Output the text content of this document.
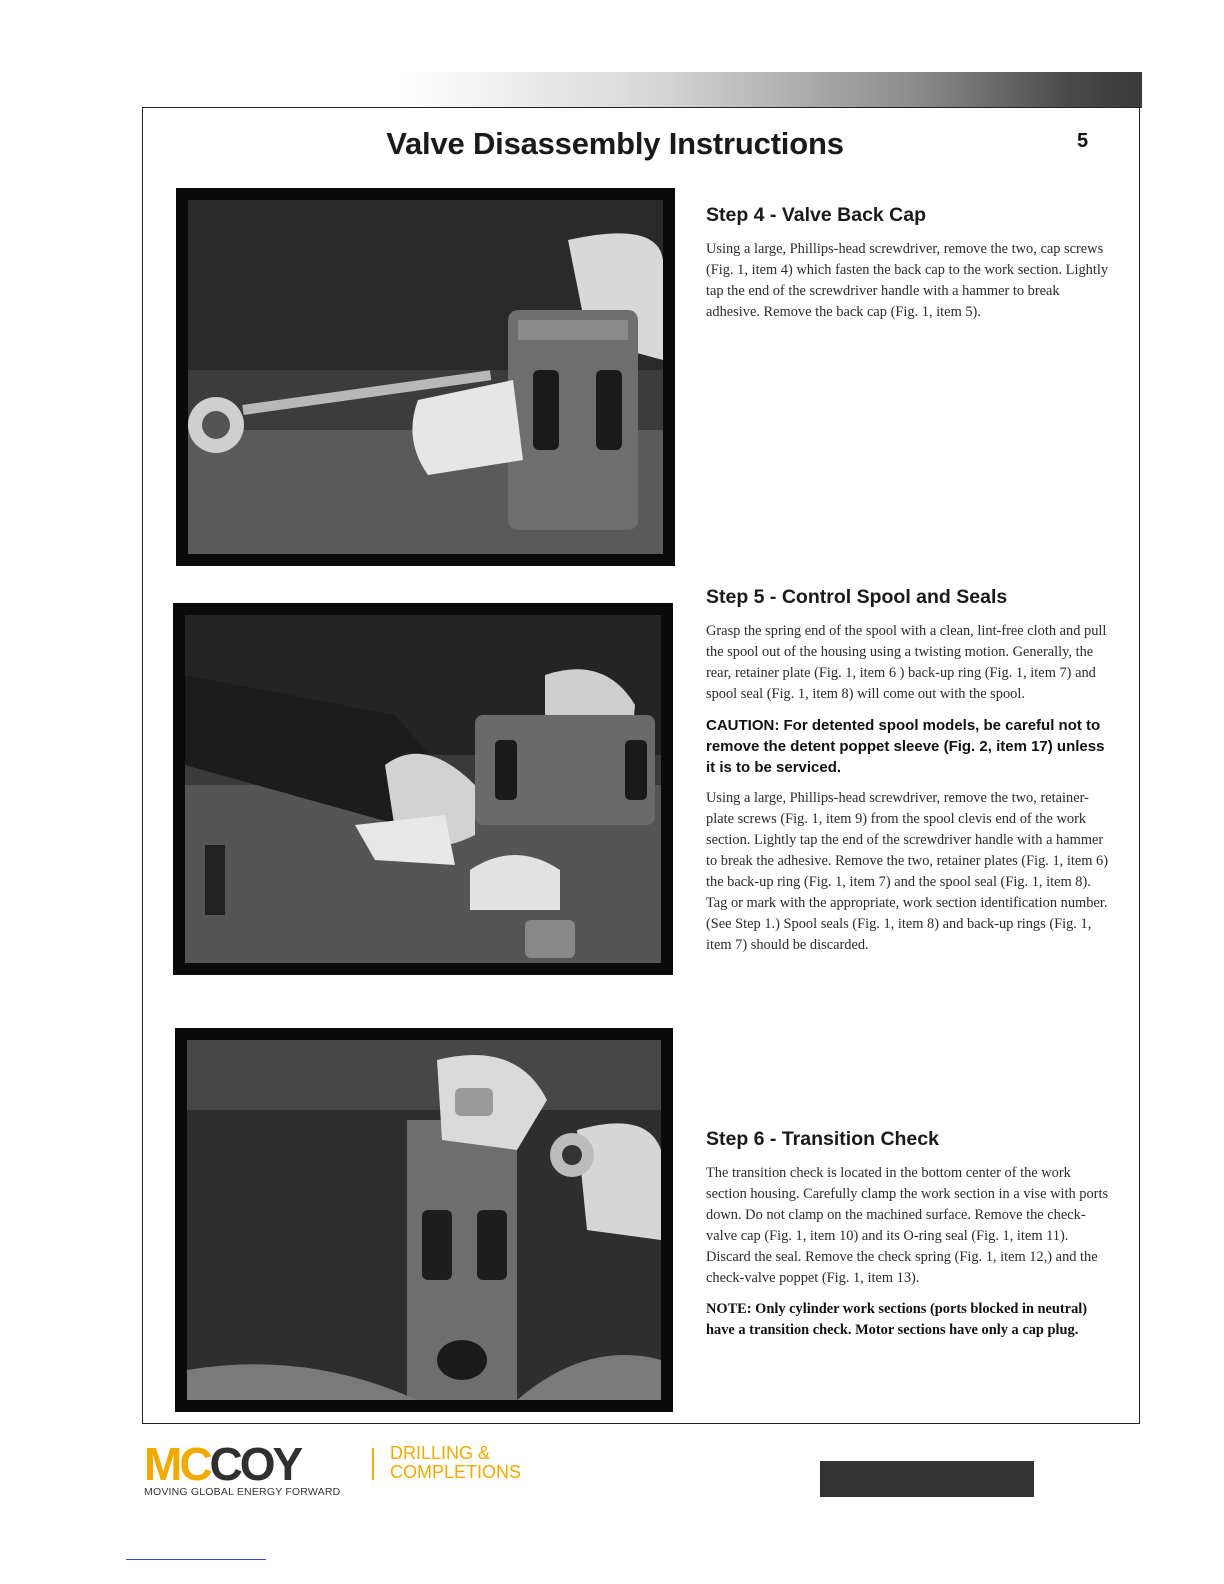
Valve Disassembly Instructions	5
Step 4 - Valve Back Cap

Using a large, Phillips-head screwdriver, remove the two, cap screws (Fig. 1, item 4) which fasten the back cap to the work section. Lightly tap the end of the screwdriver handle with a hammer to break adhesive. Remove the back cap (Fig. 1, item 5).

Step 5 - Control Spool and Seals

Grasp the spring end of the spool with a clean, lint-free cloth and pull the spool out of the housing using a twisting motion. Generally, the rear, retainer plate (Fig. 1, item 6 ) back-up ring (Fig. 1, item 7) and spool seal (Fig. 1, item 8) will come out with the spool.

CAUTION: For detented spool models, be careful not to remove the detent poppet sleeve (Fig. 2, item 17) unless it is to be serviced.

Using a large, Phillips-head screwdriver, remove the two, retainer-plate screws (Fig. 1, item 9) from the spool clevis end of the work section. Lightly tap the end of the screwdriver handle with a hammer to break the adhesive. Remove the two, retainer plates (Fig. 1, item 6) the back-up ring (Fig. 1, item 7) and the spool seal (Fig. 1, item 8). Tag or mark with the appropriate, work section identification number. (See Step 1.) Spool seals (Fig. 1, item 8) and back-up rings (Fig. 1, item 7) should be discarded.

Step 6 - Transition Check

The transition check is located in the bottom center of the work section housing. Carefully clamp the work section in a vise with ports down. Do not clamp on the machined surface. Remove the check-valve cap (Fig. 1, item 10) and its O-ring seal (Fig. 1, item 11). Discard the seal. Remove the check spring (Fig. 1, item 12,) and the check-valve poppet (Fig. 1, item 13).

NOTE: Only cylinder work sections (ports blocked in neutral) have a transition check. Motor sections have only a cap plug.

MCCOY
MOVING GLOBAL ENERGY FORWARD
DRILLING &
COMPLETIONS
